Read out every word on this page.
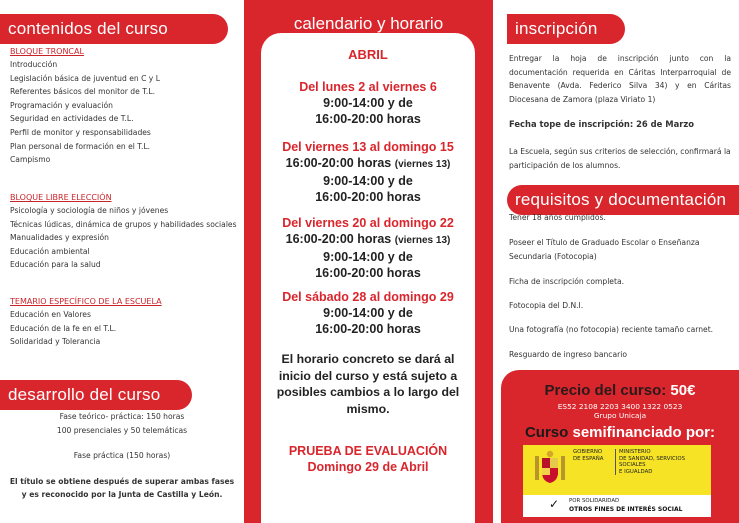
contenidos del curso
BLOQUE TRONCAL
Introducción
Legislación básica de juventud en C y L
Referentes básicos del monitor de T.L.
Programación y evaluación
Seguridad en actividades de T.L.
Perfil de monitor y responsabilidades
Plan personal de formación en el T.L.
Campismo
BLOQUE LIBRE ELECCIÓN
Psicología y sociología de niños y jóvenes
Técnicas lúdicas, dinámica de grupos y habilidades sociales
Manualidades y expresión
Educación ambiental
Educación para la salud
TEMARIO ESPECÍFICO DE LA ESCUELA
Educación en Valores
Educación de la fe en el T.L.
Solidaridad y Tolerancia
desarrollo del curso
Fase teórico- práctica: 150 horas
100 presenciales y 50 telemáticas
Fase práctica (150 horas)
El título se obtiene después de superar ambas fases
y es reconocido por la Junta de Castilla y León.
calendario y horario
ABRIL
Del lunes 2 al viernes 6
9:00-14:00 y de
16:00-20:00 horas
Del viernes 13 al domingo 15
16:00-20:00 horas (viernes 13)
9:00-14:00 y de
16:00-20:00 horas
Del viernes 20 al domingo 22
16:00-20:00 horas (viernes 13)
9:00-14:00 y de
16:00-20:00 horas
Del sábado 28 al domingo 29
9:00-14:00 y de
16:00-20:00 horas
El horario concreto se dará al inicio del curso y está sujeto a posibles cambios a lo largo del mismo.
PRUEBA DE EVALUACIÓN
Domingo 29 de Abril
inscripción
Entregar la hoja de inscripción junto con la documentación requerida en Cáritas Interparroquial de Benavente (Avda. Federico Silva 34) y en Cáritas Diocesana de Zamora (plaza Viriato 1)
Fecha tope de inscripción: 26 de Marzo
La Escuela, según sus criterios de selección, confirmará la participación de los alumnos.
requisitos y documentación
Tener 18 años cumplidos.
Poseer el Título de Graduado Escolar o Enseñanza Secundaria (Fotocopia)
Ficha de inscripción completa.
Fotocopia del D.N.I.
Una fotografía (no fotocopia) reciente tamaño carnet.
Resguardo de ingreso bancario
Precio del curso: 50€
ES52 2108 2203 3400 1322 0523
Grupo Unicaja
Curso semifinanciado por:
GOBIERNO
DE ESPAÑA
MINISTERIO
DE SANIDAD, SERVICIOS SOCIALES
E IGUALDAD
✓ POR SOLIDARIDAD
OTROS FINES DE INTERÉS SOCIAL
